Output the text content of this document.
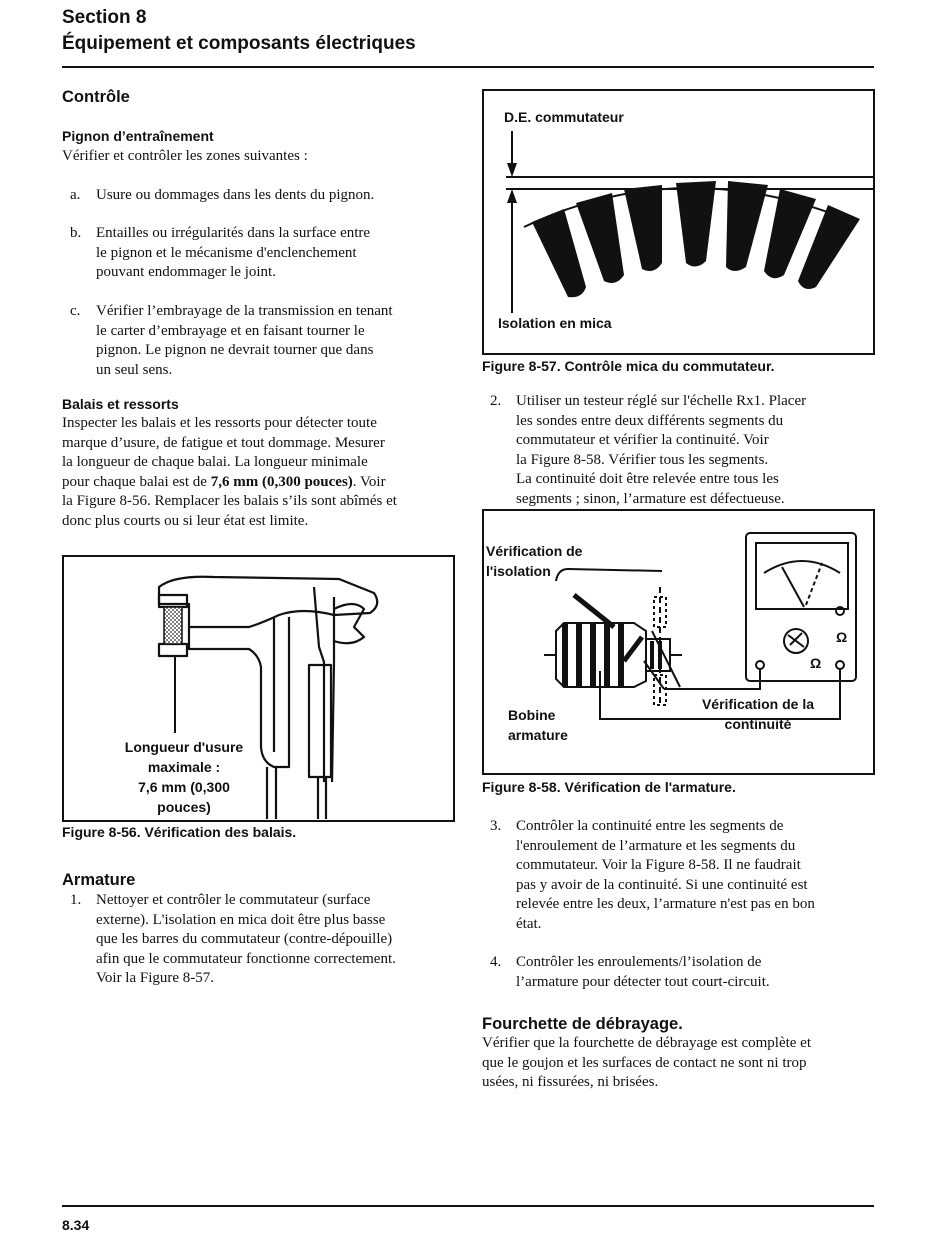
Section 8
Équipement et composants électriques
Contrôle
Pignon d’entraînement
Vérifier et contrôler les zones suivantes :
a. Usure ou dommages dans les dents du pignon.
b. Entailles ou irrégularités dans la surface entre
le pignon et le mécanisme d'enclenchement
pouvant endommager le joint.
c. Vérifier l’embrayage de la transmission en tenant
le carter d’embrayage et en faisant tourner le
pignon. Le pignon ne devrait tourner que dans
un seul sens.
Balais et ressorts
Inspecter les balais et les ressorts pour détecter toute
marque d’usure, de fatigue et tout dommage. Mesurer
la longueur de chaque balai. La longueur minimale
pour chaque balai est de 7,6 mm (0,300 pouces). Voir
la Figure 8-56. Remplacer les balais s’ils sont abîmés et
donc plus courts ou si leur état est limite.
Longueur d'usure
maximale :
7,6 mm (0,300
pouces)
Figure 8-56. Vérification des balais.
Armature
1. Nettoyer et contrôler le commutateur (surface
externe). L'isolation en mica doit être plus basse
que les barres du commutateur (contre-dépouille)
afin que le commutateur fonctionne correctement.
Voir la Figure 8-57.
D.E. commutateur
Isolation en mica
Figure 8-57. Contrôle mica du commutateur.
2. Utiliser un testeur réglé sur l'échelle Rx1. Placer
les sondes entre deux différents segments du
commutateur et vérifier la continuité. Voir
la Figure 8-58. Vérifier tous les segments.
La continuité doit être relevée entre tous les
segments ; sinon, l’armature est défectueuse.
Vérification de
l'isolation
Bobine
armature
Vérification de la
continuité
Ω
Ω
Figure 8-58. Vérification de l'armature.
3. Contrôler la continuité entre les segments de
l'enroulement de l’armature et les segments du
commutateur. Voir la Figure 8-58. Il ne faudrait
pas y avoir de la continuité. Si une continuité est
relevée entre les deux, l’armature n'est pas en bon
état.
4. Contrôler les enroulements/l’isolation de
l’armature pour détecter tout court-circuit.
Fourchette de débrayage.
Vérifier que la fourchette de débrayage est complète et
que le goujon et les surfaces de contact ne sont ni trop
usées, ni fissurées, ni brisées.
8.34
